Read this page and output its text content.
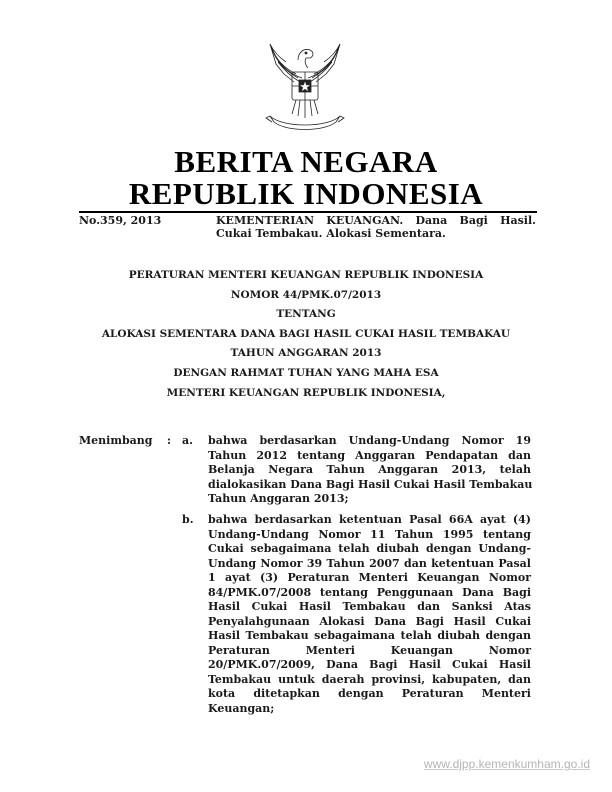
BERITA NEGARA
REPUBLIK INDONESIA
No.359, 2013	KEMENTERIAN KEUANGAN. Dana Bagi Hasil.
Cukai Tembakau. Alokasi Sementara.
PERATURAN MENTERI KEUANGAN REPUBLIK INDONESIA
NOMOR 44/PMK.07/2013
TENTANG
ALOKASI SEMENTARA DANA BAGI HASIL CUKAI HASIL TEMBAKAU
TAHUN ANGGARAN 2013
DENGAN RAHMAT TUHAN YANG MAHA ESA
MENTERI KEUANGAN REPUBLIK INDONESIA,
Menimbang : a. bahwa berdasarkan Undang-Undang Nomor 19
Tahun 2012 tentang Anggaran Pendapatan dan
Belanja Negara Tahun Anggaran 2013, telah
dialokasikan Dana Bagi Hasil Cukai Hasil Tembakau
Tahun Anggaran 2013;
b. bahwa berdasarkan ketentuan Pasal 66A ayat (4)
Undang-Undang Nomor 11 Tahun 1995 tentang
Cukai sebagaimana telah diubah dengan Undang-
Undang Nomor 39 Tahun 2007 dan ketentuan Pasal
1 ayat (3) Peraturan Menteri Keuangan Nomor
84/PMK.07/2008 tentang Penggunaan Dana Bagi
Hasil Cukai Hasil Tembakau dan Sanksi Atas
Penyalahgunaan Alokasi Dana Bagi Hasil Cukai
Hasil Tembakau sebagaimana telah diubah dengan
Peraturan Menteri Keuangan Nomor
20/PMK.07/2009, Dana Bagi Hasil Cukai Hasil
Tembakau untuk daerah provinsi, kabupaten, dan
kota ditetapkan dengan Peraturan Menteri
Keuangan;
www.djpp.kemenkumham.go.id
